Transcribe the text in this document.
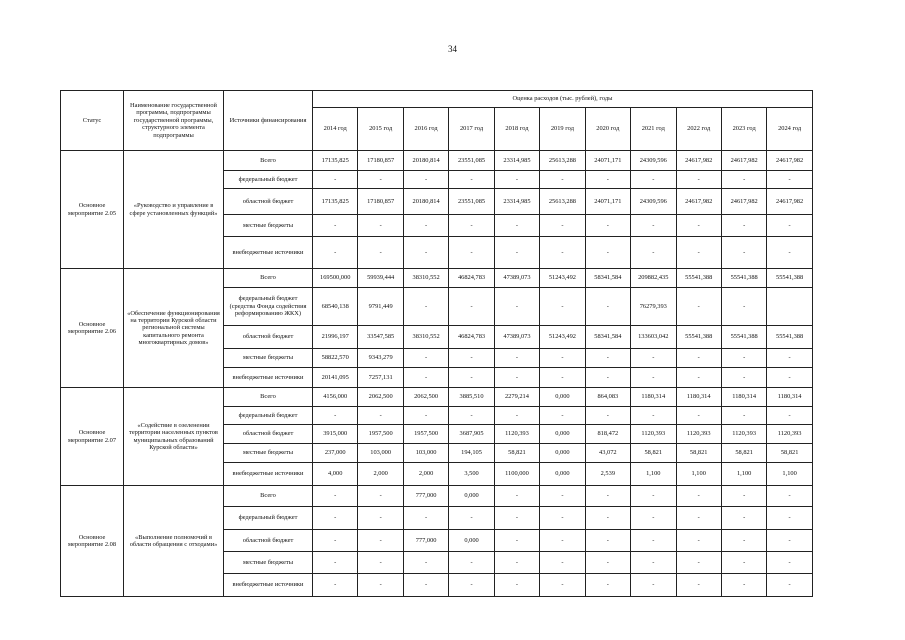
34
Статус	Наименование государственной программы, подпрограммы государственной программы, структурного элемента подпрограммы	Источники финансирования	Оценка расходов (тыс. рублей), годы										
			2014 год	2015 год	2016 год	2017 год	2018 год	2019 год	2020 год	2021 год	2022 год	2023 год	2024 год
Основное мероприятие 2.05	«Руководство и управление в сфере установленных функций»	Всего	17135,825	17180,857	20180,814	23551,085	23314,985	25613,288	24071,171	24309,596	24617,982	24617,982	24617,982
		федеральный бюджет	-	-	-	-	-	-	-	-	-	-	-
		областной бюджет	17135,825	17180,857	20180,814	23551,085	23314,985	25613,288	24071,171	24309,596	24617,982	24617,982	24617,982
		местные бюджеты	-	-	-	-	-	-	-	-	-	-	-
		внебюджетные источники	-	-	-	-	-	-	-	-	-	-	-
Основное мероприятие 2.06	«Обеспечение функционирования на территории Курской области региональной системы капитального ремонта многоквартирных домов»	Всего	169500,000	59939,444	38310,552	46824,783	47389,073	51243,492	58341,584	209882,435	55541,388	55541,388	55541,388
		федеральный бюджет (средства Фонда содействия реформированию ЖКХ)	68540,138	9791,449	-	-	-	-	-	76279,393	-	-	
		областной бюджет	21996,197	33547,585	38310,552	46824,783	47389,073	51243,492	58341,584	133603,042	55541,388	55541,388	55541,388
		местные бюджеты	58822,570	9343,279	-	-	-	-	-	-	-	-	-
		внебюджетные источники	20141,095	7257,131	-	-	-	-	-	-	-	-	-
Основное мероприятие 2.07	«Содействие в озеленении территории населенных пунктов муниципальных образований Курской области»	Всего	4156,000	2062,500	2062,500	3885,510	2279,214	0,000	864,083	1180,314	1180,314	1180,314	1180,314
		федеральный бюджет	-	-	-	-	-	-	-	-	-	-	-
		областной бюджет	3915,000	1957,500	1957,500	3687,905	1120,393	0,000	818,472	1120,393	1120,393	1120,393	1120,393
		местные бюджеты	237,000	103,000	103,000	194,105	58,821	0,000	43,072	58,821	58,821	58,821	58,821
		внебюджетные источники	4,000	2,000	2,000	3,500	1100,000	0,000	2,539	1,100	1,100	1,100	1,100
Основное мероприятие 2.08	«Выполнение полномочий в области обращения с отходами»	Всего	-	-	777,000	0,000	-	-	-	-	-	-	-
		федеральный бюджет	-	-	-	-	-	-	-	-	-	-	-
		областной бюджет	-	-	777,000	0,000	-	-	-	-	-	-	-
		местные бюджеты	-	-	-	-	-	-	-	-	-	-	-
		внебюджетные источники	-	-	-	-	-	-	-	-	-	-	-
